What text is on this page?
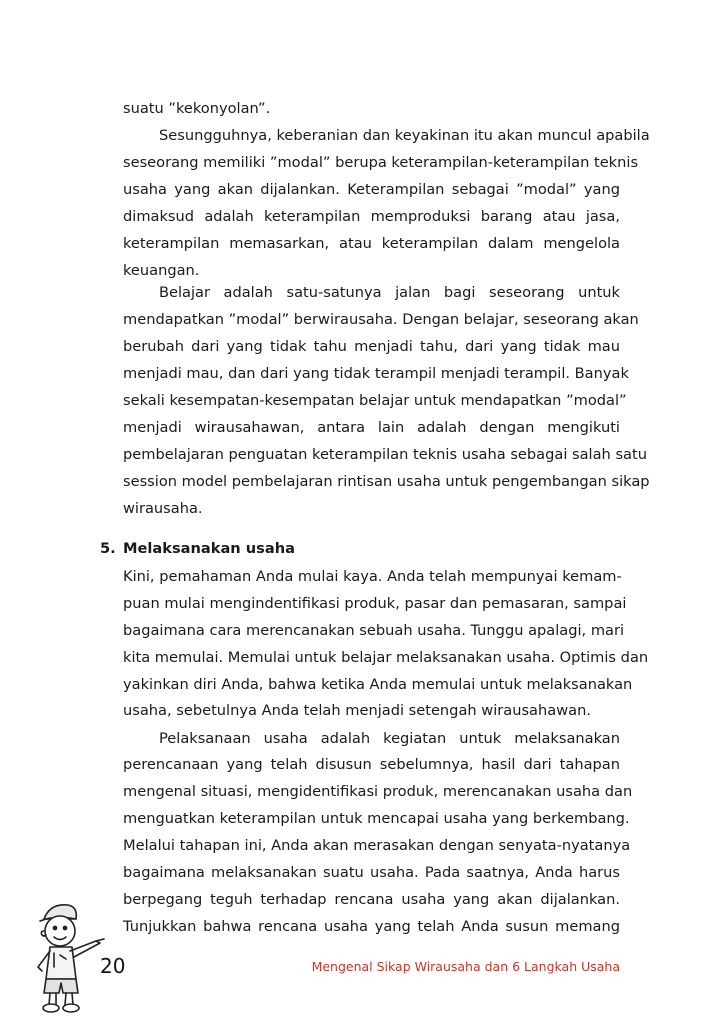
suatu ”kekonyolan”.
Sesungguhnya, keberanian dan keyakinan itu akan muncul apabila
seseorang memiliki ”modal” berupa keterampilan-keterampilan teknis
usaha yang akan dijalankan. Keterampilan sebagai ”modal” yang
dimaksud adalah keterampilan memproduksi barang atau jasa,
keterampilan memasarkan, atau keterampilan dalam mengelola
keuangan.
Belajar adalah satu-satunya jalan bagi seseorang untuk
mendapatkan ”modal” berwirausaha. Dengan belajar, seseorang akan
berubah dari yang tidak tahu menjadi tahu, dari yang tidak mau
menjadi mau, dan dari yang tidak terampil menjadi terampil. Banyak
sekali kesempatan-kesempatan belajar untuk mendapatkan ”modal”
menjadi wirausahawan, antara lain adalah dengan mengikuti
pembelajaran penguatan keterampilan teknis usaha sebagai salah satu
session model pembelajaran rintisan usaha untuk pengembangan sikap
wirausaha.
5. Melaksanakan usaha
Kini, pemahaman Anda mulai kaya. Anda telah mempunyai kemam-
puan mulai mengindentifikasi produk, pasar dan pemasaran, sampai
bagaimana cara merencanakan sebuah usaha. Tunggu apalagi, mari
kita memulai. Memulai untuk belajar melaksanakan usaha. Optimis dan
yakinkan diri Anda, bahwa ketika Anda memulai untuk melaksanakan
usaha, sebetulnya Anda telah menjadi setengah wirausahawan.
Pelaksanaan usaha adalah kegiatan untuk melaksanakan
perencanaan yang telah disusun sebelumnya, hasil dari tahapan
mengenal situasi, mengidentifikasi produk, merencanakan usaha dan
menguatkan keterampilan untuk mencapai usaha yang berkembang.
Melalui tahapan ini, Anda akan merasakan dengan senyata-nyatanya
bagaimana melaksanakan suatu usaha. Pada saatnya, Anda harus
berpegang teguh terhadap rencana usaha yang akan dijalankan.
Tunjukkan bahwa rencana usaha yang telah Anda susun memang
20	Mengenal Sikap Wirausaha dan 6 Langkah Usaha
